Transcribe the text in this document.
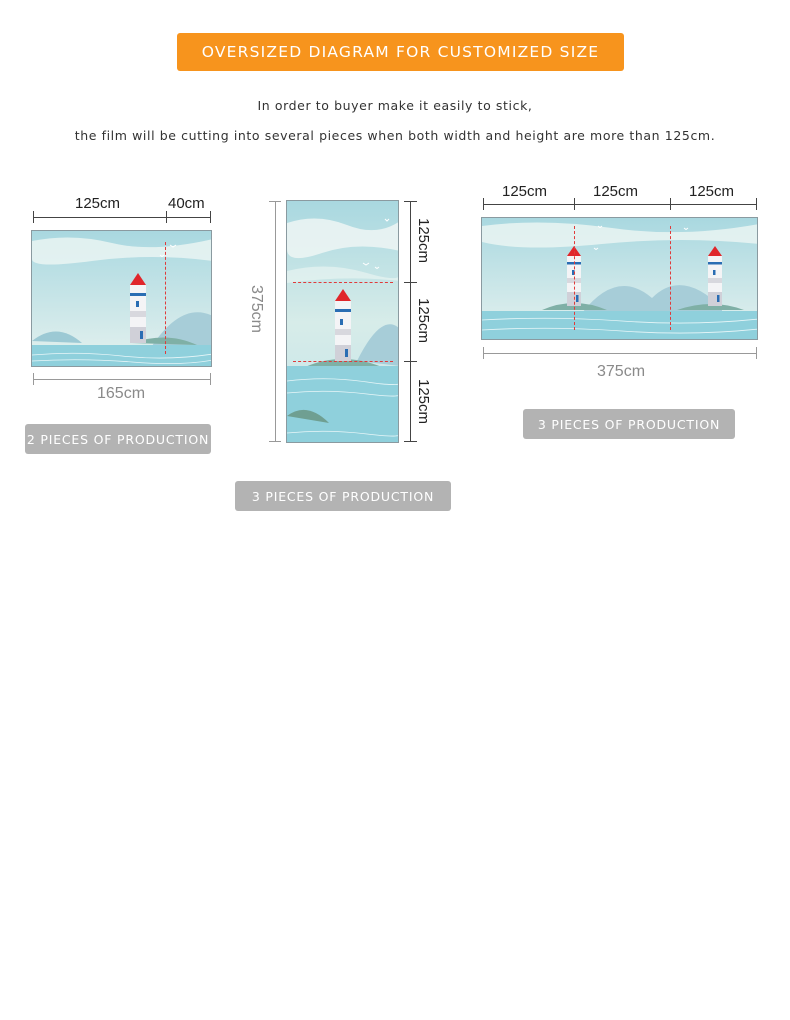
OVERSIZED DIAGRAM FOR CUSTOMIZED SIZE
In order to buyer make it easily to stick,
the film will be cutting into several pieces when both width and height are more than 125cm.
125cm	40cm
165cm
2 PIECES OF PRODUCTION
375cm
125cm
125cm
125cm
3 PIECES OF PRODUCTION
125cm	125cm	125cm
375cm
3 PIECES OF PRODUCTION
